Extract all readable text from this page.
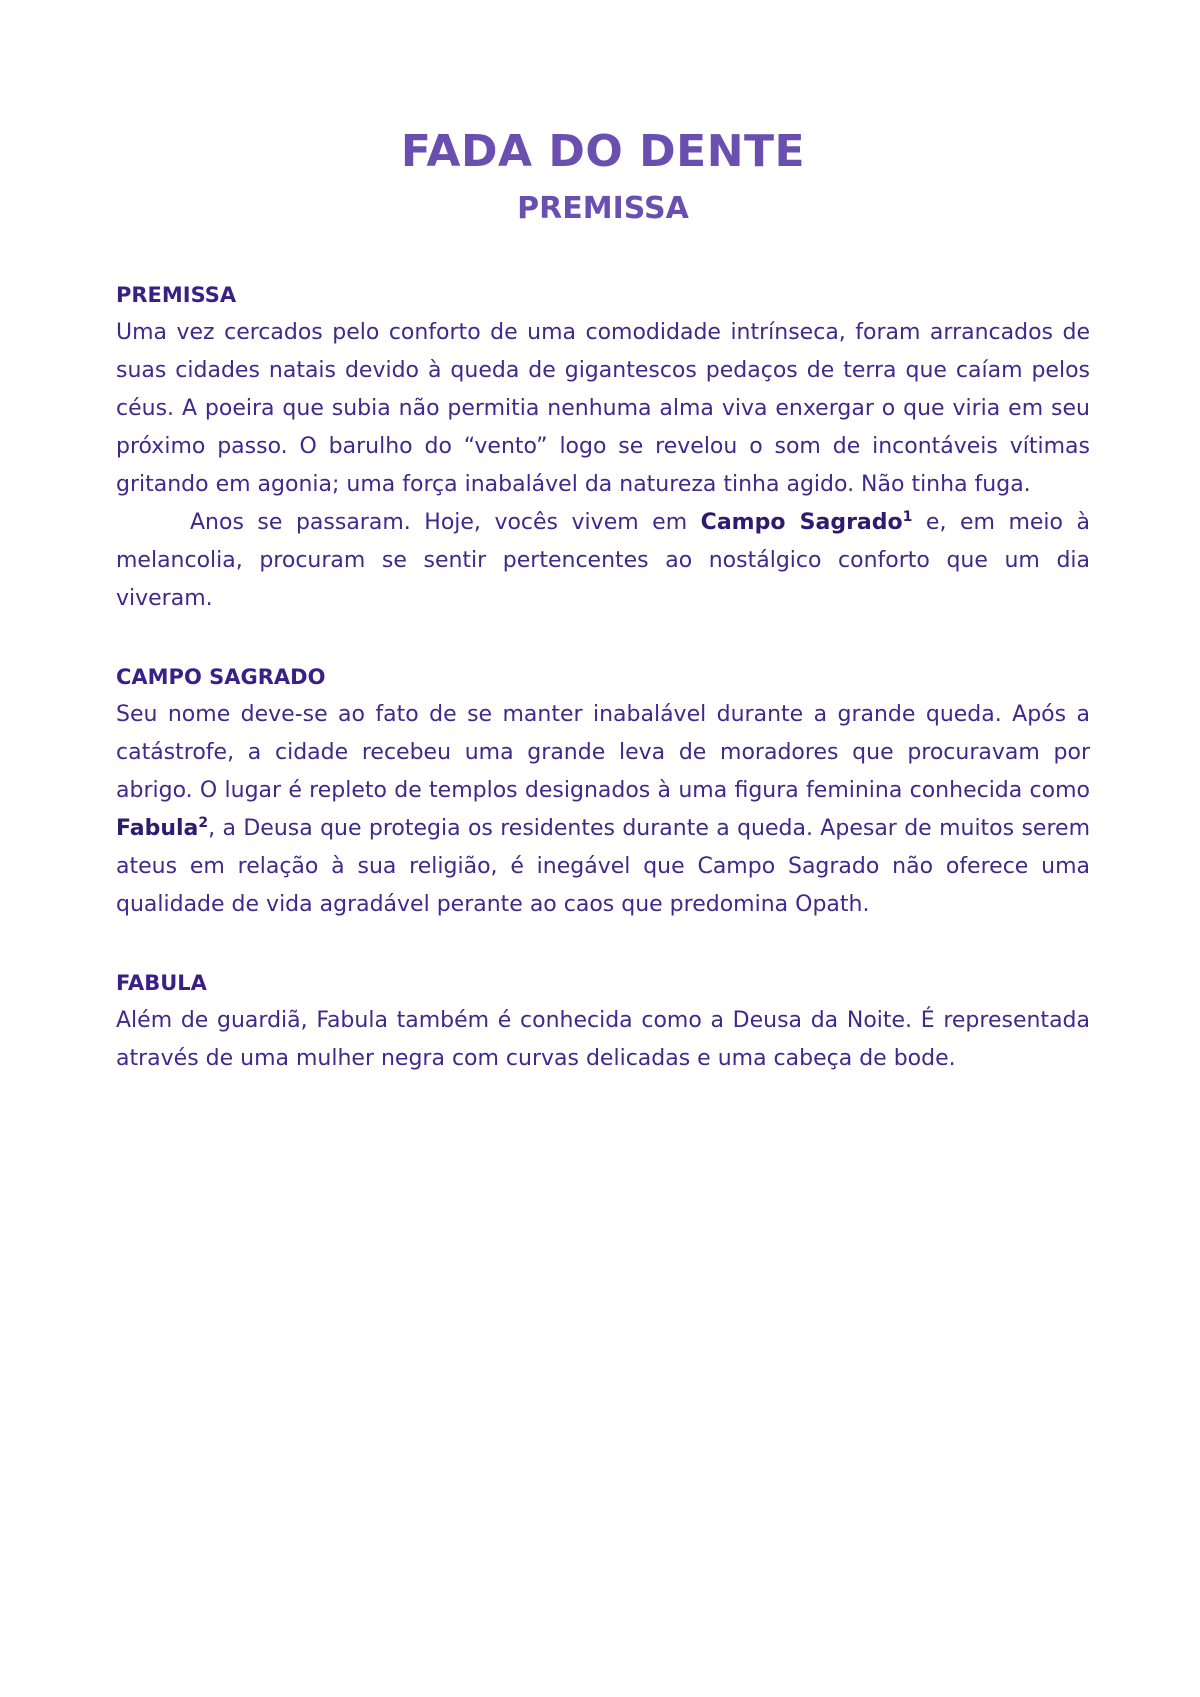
FADA DO DENTE
PREMISSA
PREMISSA

Uma vez cercados pelo conforto de uma comodidade intrínseca, foram arrancados de suas cidades natais devido à queda de gigantescos pedaços de terra que caíam pelos céus. A poeira que subia não permitia nenhuma alma viva enxergar o que viria em seu próximo passo. O barulho do “vento” logo se revelou o som de incontáveis vítimas gritando em agonia; uma força inabalável da natureza tinha agido. Não tinha fuga.

Anos se passaram. Hoje, vocês vivem em Campo Sagrado$^1$ e, em meio à melancolia, procuram se sentir pertencentes ao nostálgico conforto que um dia viveram.

CAMPO SAGRADO

Seu nome deve-se ao fato de se manter inabalável durante a grande queda. Após a catástrofe, a cidade recebeu uma grande leva de moradores que procuravam por abrigo. O lugar é repleto de templos designados à uma figura feminina conhecida como Fabula$^2$, a Deusa que protegia os residentes durante a queda. Apesar de muitos serem ateus em relação à sua religião, é inegável que Campo Sagrado não oferece uma qualidade de vida agradável perante ao caos que predomina Opath.

FABULA

Além de guardiã, Fabula também é conhecida como a Deusa da Noite. É representada através de uma mulher negra com curvas delicadas e uma cabeça de bode.
